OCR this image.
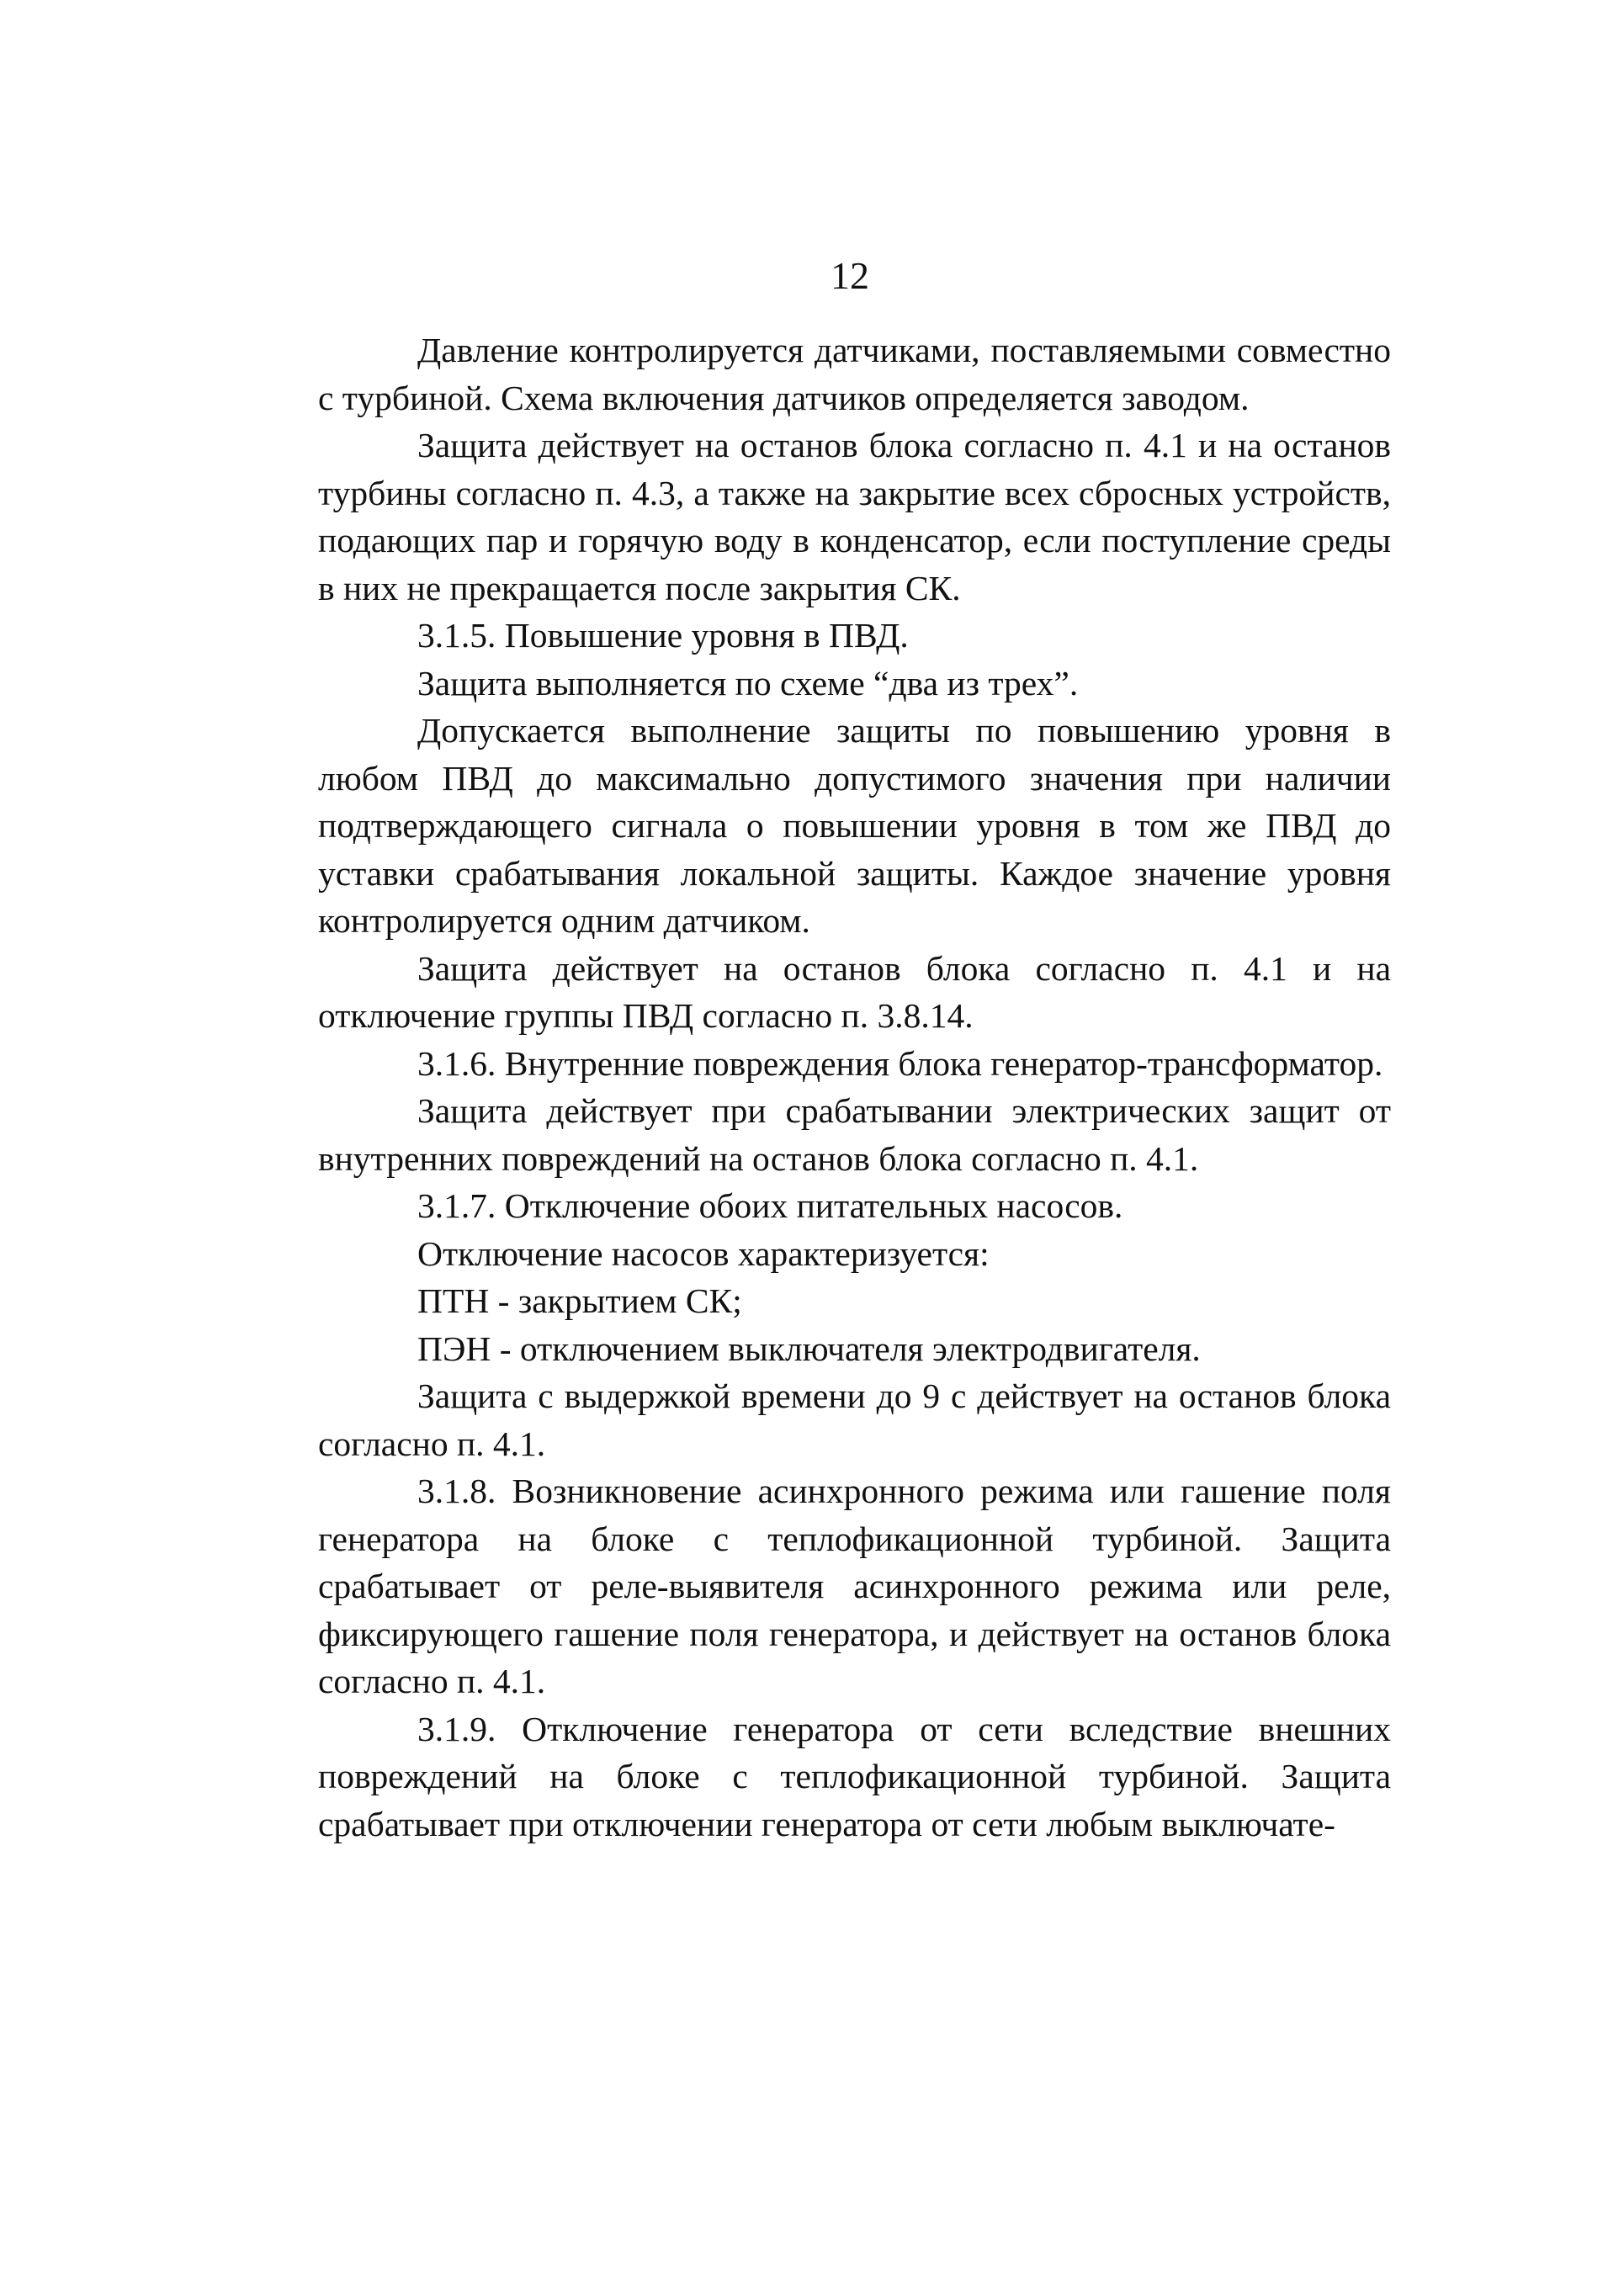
12

Давление контролируется датчиками, поставляемыми совместно с турбиной. Схема включения датчиков определяется заводом.

Защита действует на останов блока согласно п. 4.1 и на останов турбины согласно п. 4.3, а также на закрытие всех сбросных устройств, подающих пар и горячую воду в конденсатор, если поступление среды в них не прекращается после закрытия СК.

3.1.5. Повышение уровня в ПВД.

Защита выполняется по схеме “два из трех”.

Допускается выполнение защиты по повышению уровня в любом ПВД до максимально допустимого значения при наличии подтверждающего сигнала о повышении уровня в том же ПВД до уставки срабатывания локальной защиты. Каждое значение уровня контролируется одним датчиком.

Защита действует на останов блока согласно п. 4.1 и на отключение группы ПВД согласно п. 3.8.14.

3.1.6. Внутренние повреждения блока генератор-трансформатор.

Защита действует при срабатывании электрических защит от внутренних повреждений на останов блока согласно п. 4.1.

3.1.7. Отключение обоих питательных насосов.

Отключение насосов характеризуется:

ПТН - закрытием СК;

ПЭН - отключением выключателя электродвигателя.

Защита с выдержкой времени до 9 с действует на останов блока согласно п. 4.1.

3.1.8. Возникновение асинхронного режима или гашение поля генератора на блоке с теплофикационной турбиной. Защита срабатывает от реле-выявителя асинхронного режима или реле, фиксирующего гашение поля генератора, и действует на останов блока согласно п. 4.1.

3.1.9. Отключение генератора от сети вследствие внешних повреждений на блоке с теплофикационной турбиной. Защита срабатывает при отключении генератора от сети любым выключате-
